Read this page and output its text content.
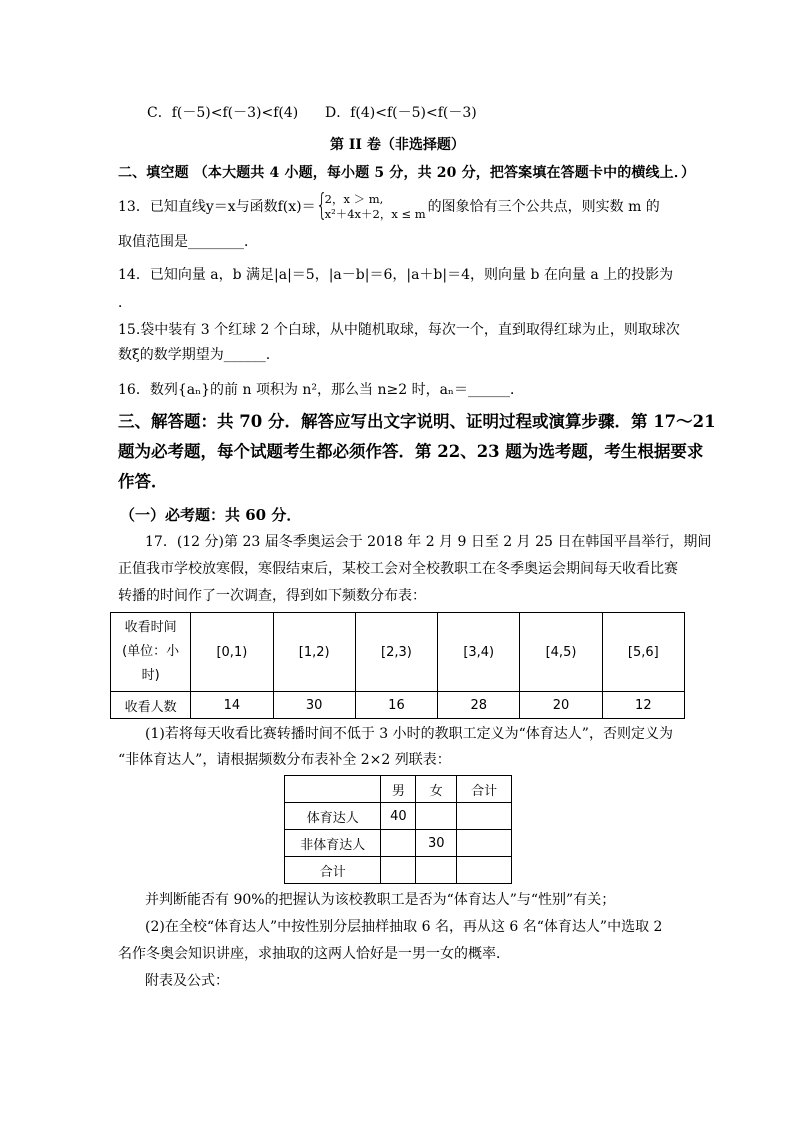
C．f(－5)<f(－3)<f(4) D．f(4)<f(－5)<f(－3)
第 II 卷（非选择题）
二、填空题 （本大题共 4 小题，每小题 5 分，共 20 分，把答案填在答题卡中的横线上．）
13．已知直线y＝x与函数f(x)＝ {
2，x ＞ m,
x²＋4x＋2，x ≤ m 的图象恰有三个公共点，则实数 m 的
取值范围是________．
14．已知向量 a，b 满足|a|＝5，|a－b|＝6，|a＋b|＝4，则向量 b 在向量 a 上的投影为
．
15.袋中装有 3 个红球 2 个白球，从中随机取球，每次一个，直到取得红球为止，则取球次
数ξ的数学期望为______.
16．数列{aₙ}的前 n 项积为 n²，那么当 n≥2 时，aₙ＝______．
三、解答题：共 70 分．解答应写出文字说明、证明过程或演算步骤．第 17～21
题为必考题，每个试题考生都必须作答．第 22、23 题为选考题，考生根据要求
作答．
（一）必考题：共 60 分．
17．(12 分)第 23 届冬季奥运会于 2018 年 2 月 9 日至 2 月 25 日在韩国平昌举行，期间
正值我市学校放寒假，寒假结束后，某校工会对全校教职工在冬季奥运会期间每天收看比赛
转播的时间作了一次调查，得到如下频数分布表：
收看时间
(单位：小
时)	[0,1)	[1,2)	[2,3)	[3,4)	[4,5)	[5,6]
收看人数	14	30	16	28	20	12
(1)若将每天收看比赛转播时间不低于 3 小时的教职工定义为“体育达人”，否则定义为
“非体育达人”，请根据频数分布表补全 2×2 列联表：
	男	女	合计
体育达人	40		
非体育达人		30	
合计			
并判断能否有 90%的把握认为该校教职工是否为“体育达人”与“性别”有关；
(2)在全校“体育达人”中按性别分层抽样抽取 6 名，再从这 6 名“体育达人”中选取 2
名作冬奥会知识讲座，求抽取的这两人恰好是一男一女的概率．
附表及公式：
